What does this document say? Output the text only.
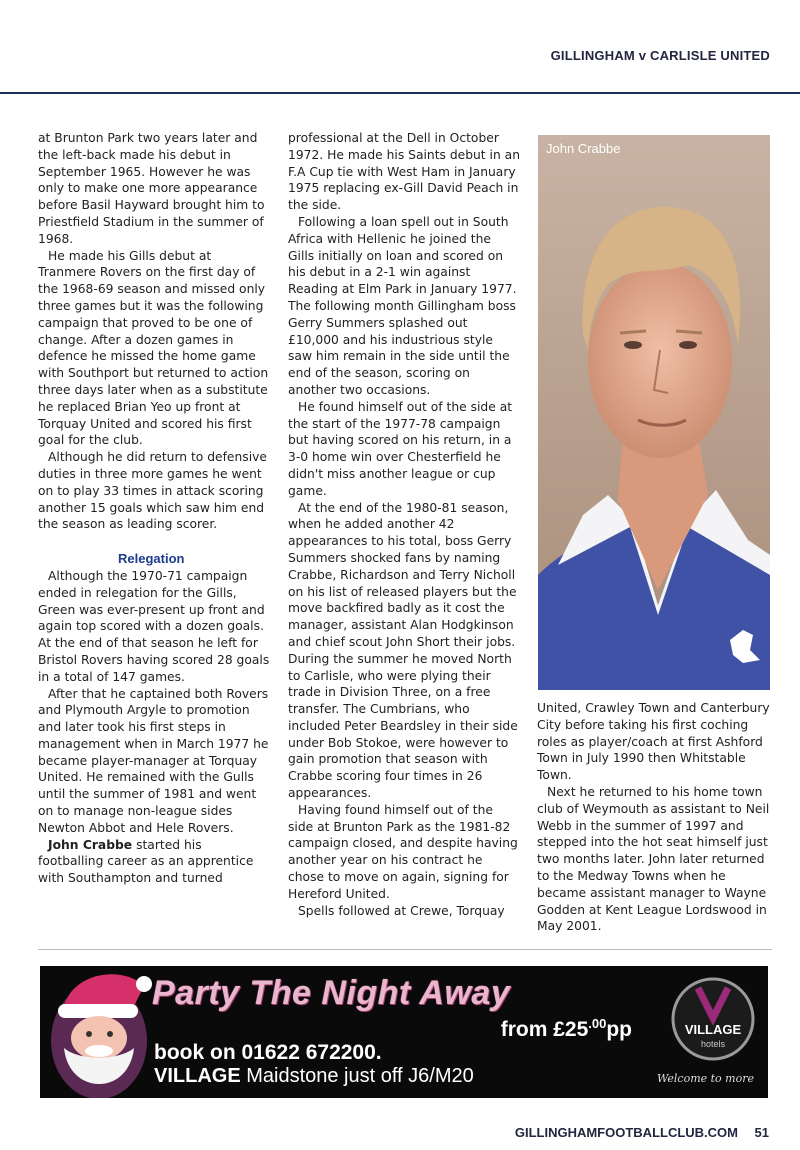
GILLINGHAM v CARLISLE UNITED

at Brunton Park two years later and the left-back made his debut in September 1965. However he was only to make one more appearance before Basil Hayward brought him to Priestfield Stadium in the summer of 1968.

He made his Gills debut at Tranmere Rovers on the first day of the 1968-69 season and missed only three games but it was the following campaign that proved to be one of change. After a dozen games in defence he missed the home game with Southport but returned to action three days later when as a substitute he replaced Brian Yeo up front at Torquay United and scored his first goal for the club.

Although he did return to defensive duties in three more games he went on to play 33 times in attack scoring another 15 goals which saw him end the season as leading scorer.

Relegation

Although the 1970-71 campaign ended in relegation for the Gills, Green was ever-present up front and again top scored with a dozen goals. At the end of that season he left for Bristol Rovers having scored 28 goals in a total of 147 games.

After that he captained both Rovers and Plymouth Argyle to promotion and later took his first steps in management when in March 1977 he became player-manager at Torquay United. He remained with the Gulls until the summer of 1981 and went on to manage non-league sides Newton Abbot and Hele Rovers.

John Crabbe started his footballing career as an apprentice with Southampton and turned

professional at the Dell in October 1972. He made his Saints debut in an F.A Cup tie with West Ham in January 1975 replacing ex-Gill David Peach in the side.

Following a loan spell out in South Africa with Hellenic he joined the Gills initially on loan and scored on his debut in a 2-1 win against Reading at Elm Park in January 1977. The following month Gillingham boss Gerry Summers splashed out £10,000 and his industrious style saw him remain in the side until the end of the season, scoring on another two occasions.

He found himself out of the side at the start of the 1977-78 campaign but having scored on his return, in a 3-0 home win over Chesterfield he didn't miss another league or cup game.

At the end of the 1980-81 season, when he added another 42 appearances to his total, boss Gerry Summers shocked fans by naming Crabbe, Richardson and Terry Nicholl on his list of released players but the move backfired badly as it cost the manager, assistant Alan Hodgkinson and chief scout John Short their jobs.

During the summer he moved North to Carlisle, who were plying their trade in Division Three, on a free transfer. The Cumbrians, who included Peter Beardsley in their side under Bob Stokoe, were however to gain promotion that season with Crabbe scoring four times in 26 appearances.

Having found himself out of the side at Brunton Park as the 1981-82 campaign closed, and despite having another year on his contract he chose to move on again, signing for Hereford United.

Spells followed at Crewe, Torquay

John Crabbe

United, Crawley Town and Canterbury City before taking his first coching roles as player/coach at first Ashford Town in July 1990 then Whitstable Town.

Next he returned to his home town club of Weymouth as assistant to Neil Webb in the summer of 1997 and stepped into the hot seat himself just two months later. John later returned to the Medway Towns when he became assistant manager to Wayne Godden at Kent League Lordswood in May 2001.

Party The Night Away
from $£25^{.00}pp$
book on 01622 672200.
VILLAGE Maidstone just off J6/M20
VILLAGE
hotels
Welcome to more
GILLINGHAMFOOTBALLCLUB.COM 51
